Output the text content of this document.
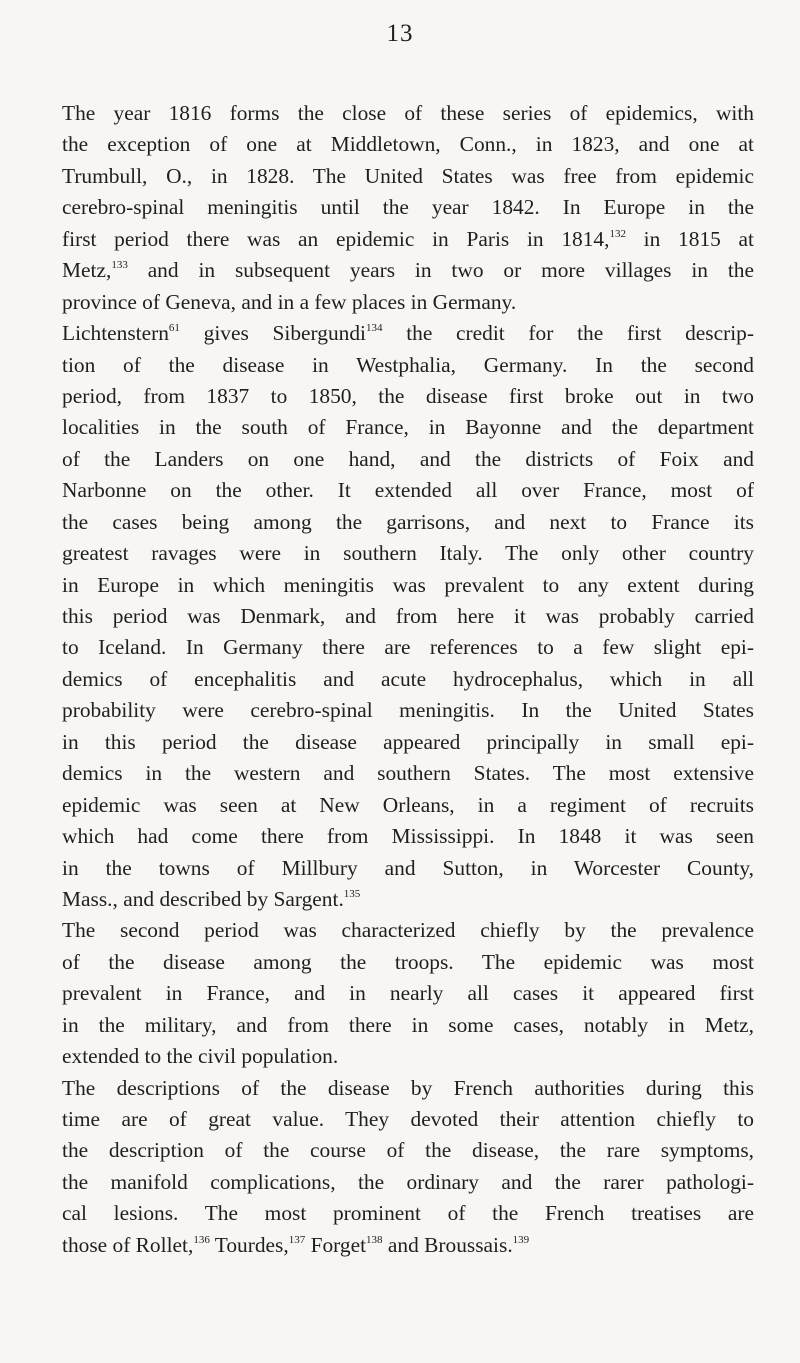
13
The year 1816 forms the close of these series of epidemics, with
the exception of one at Middletown, Conn., in 1823, and one at
Trumbull, O., in 1828. The United States was free from epidemic
cerebro-spinal meningitis until the year 1842. In Europe in the
first period there was an epidemic in Paris in 1814,$^{132}$ in 1815 at
Metz,$^{133}$ and in subsequent years in two or more villages in the
province of Geneva, and in a few places in Germany.
Lichtenstern$^{61}$ gives Sibergundi$^{134}$ the credit for the first descrip-
tion of the disease in Westphalia, Germany. In the second
period, from 1837 to 1850, the disease first broke out in two
localities in the south of France, in Bayonne and the department
of the Landers on one hand, and the districts of Foix and
Narbonne on the other. It extended all over France, most of
the cases being among the garrisons, and next to France its
greatest ravages were in southern Italy. The only other country
in Europe in which meningitis was prevalent to any extent during
this period was Denmark, and from here it was probably carried
to Iceland. In Germany there are references to a few slight epi-
demics of encephalitis and acute hydrocephalus, which in all
probability were cerebro-spinal meningitis. In the United States
in this period the disease appeared principally in small epi-
demics in the western and southern States. The most extensive
epidemic was seen at New Orleans, in a regiment of recruits
which had come there from Mississippi. In 1848 it was seen
in the towns of Millbury and Sutton, in Worcester County,
Mass., and described by Sargent.$^{135}$
The second period was characterized chiefly by the prevalence
of the disease among the troops. The epidemic was most
prevalent in France, and in nearly all cases it appeared first
in the military, and from there in some cases, notably in Metz,
extended to the civil population.
The descriptions of the disease by French authorities during this
time are of great value. They devoted their attention chiefly to
the description of the course of the disease, the rare symptoms,
the manifold complications, the ordinary and the rarer pathologi-
cal lesions. The most prominent of the French treatises are
those of Rollet,$^{136}$ Tourdes,$^{137}$ Forget$^{138}$ and Broussais.$^{139}$
